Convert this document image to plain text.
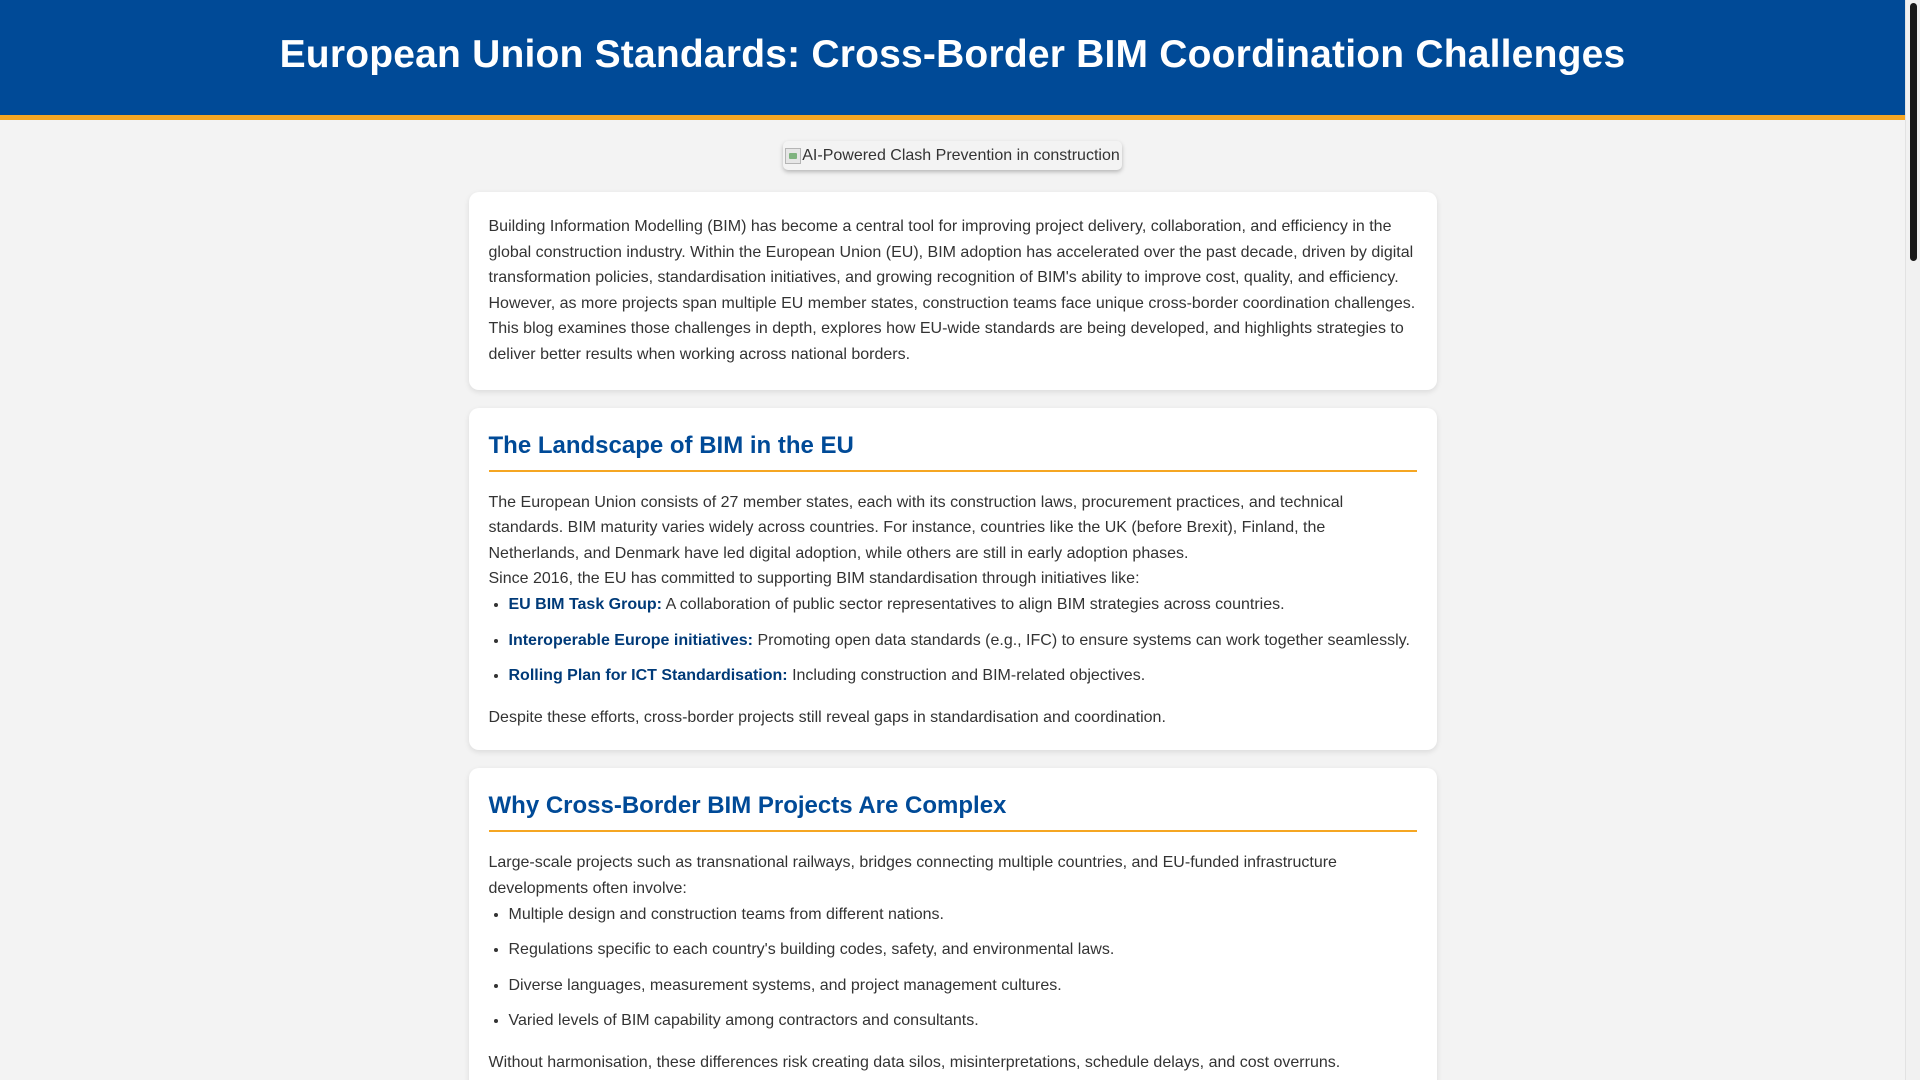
European Union Standards: Cross-Border BIM Coordination Challenges
AI-Powered Clash Prevention in construction

Building Information Modelling (BIM) has become a central tool for improving project delivery, collaboration, and efficiency in the global construction industry. Within the European Union (EU), BIM adoption has accelerated over the past decade, driven by digital transformation policies, standardisation initiatives, and growing recognition of BIM's ability to improve cost, quality, and efficiency. However, as more projects span multiple EU member states, construction teams face unique cross-border coordination challenges. This blog examines those challenges in depth, explores how EU-wide standards are being developed, and highlights strategies to deliver better results when working across national borders.

The Landscape of BIM in the EU

The European Union consists of 27 member states, each with its construction laws, procurement practices, and technical standards. BIM maturity varies widely across countries. For instance, countries like the UK (before Brexit), Finland, the Netherlands, and Denmark have led digital adoption, while others are still in early adoption phases.

Since 2016, the EU has committed to supporting BIM standardisation through initiatives like:

• EU BIM Task Group: A collaboration of public sector representatives to align BIM strategies across countries.
• Interoperable Europe initiatives: Promoting open data standards (e.g., IFC) to ensure systems can work together seamlessly.
• Rolling Plan for ICT Standardisation: Including construction and BIM-related objectives.

Despite these efforts, cross-border projects still reveal gaps in standardisation and coordination.

Why Cross-Border BIM Projects Are Complex

Large-scale projects such as transnational railways, bridges connecting multiple countries, and EU-funded infrastructure developments often involve:

• Multiple design and construction teams from different nations.
• Regulations specific to each country's building codes, safety, and environmental laws.
• Diverse languages, measurement systems, and project management cultures.
• Varied levels of BIM capability among contractors and consultants.

Without harmonisation, these differences risk creating data silos, misinterpretations, schedule delays, and cost overruns.
